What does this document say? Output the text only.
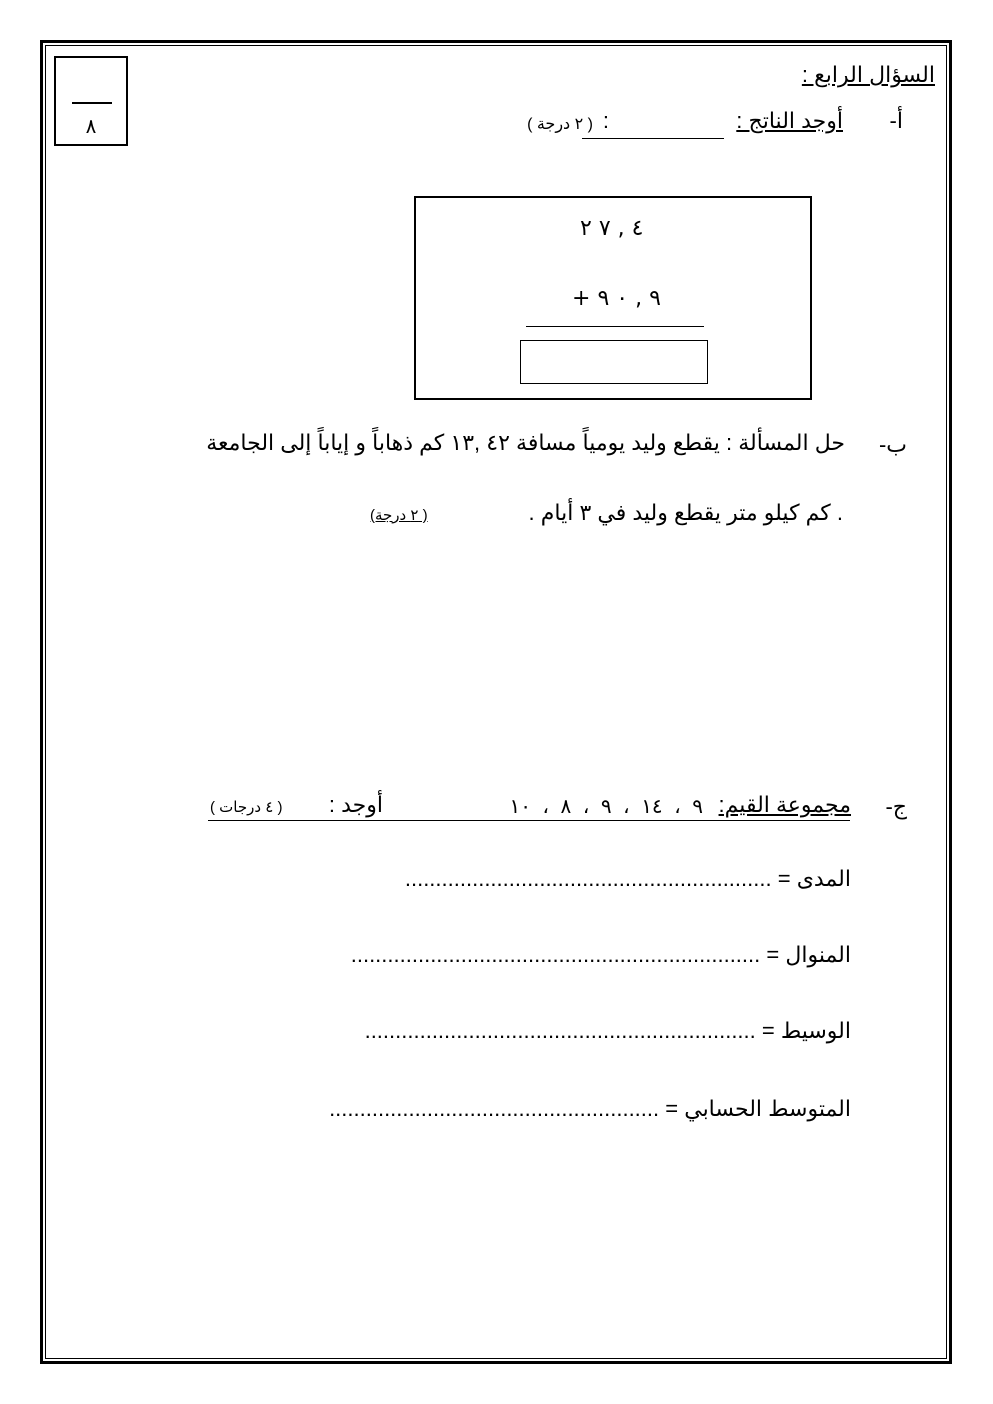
٨
السؤال الرابع :
أ-
أوجد الناتج :
( ٢ درجة ) :
٤ , ٧ ٢
+ ٩ , ٠ ٩
ب-
حل المسألة : يقطع وليد يومياً مسافة ٤٢ ,١٣ كم ذهاباً و إياباً إلى الجامعة
. كم كيلو متر يقطع وليد في ٣ أيام .
( ٢ درجة)
ج-
مجموعة القيم:
٩ ، ١٤ ، ٩ ، ٨ ، ١٠
أوجد :
( ٤ درجات )
المدى = ............................................................
المنوال = ...................................................................
الوسيط = ................................................................
المتوسط الحسابي = ......................................................
